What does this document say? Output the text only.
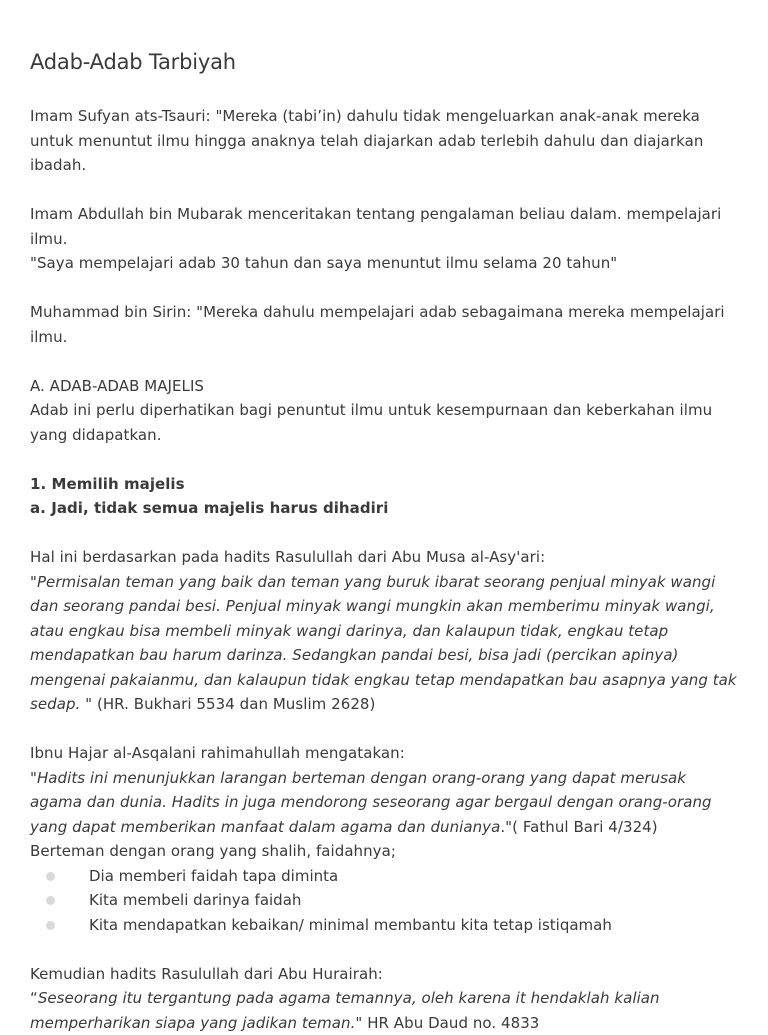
Adab-Adab Tarbiyah

Imam Sufyan ats-Tsauri: "Mereka (tabi’in) dahulu tidak mengeluarkan anak-anak mereka untuk menuntut ilmu hingga anaknya telah diajarkan adab terlebih dahulu dan diajarkan ibadah.

Imam Abdullah bin Mubarak menceritakan tentang pengalaman beliau dalam. mempelajari ilmu.
"Saya mempelajari adab 30 tahun dan saya menuntut ilmu selama 20 tahun"

Muhammad bin Sirin: "Mereka dahulu mempelajari adab sebagaimana mereka mempelajari ilmu.

A. ADAB-ADAB MAJELIS
Adab ini perlu diperhatikan bagi penuntut ilmu untuk kesempurnaan dan keberkahan ilmu yang didapatkan.

1. Memilih majelis
a. Jadi, tidak semua majelis harus dihadiri

Hal ini berdasarkan pada hadits Rasulullah dari Abu Musa al-Asy'ari:
"Permisalan teman yang baik dan teman yang buruk ibarat seorang penjual minyak wangi dan seorang pandai besi. Penjual minyak wangi mungkin akan memberimu minyak wangi, atau engkau bisa membeli minyak wangi darinya, dan kalaupun tidak, engkau tetap mendapatkan bau harum darinza. Sedangkan pandai besi, bisa jadi (percikan apinya) mengenai pakaianmu, dan kalaupun tidak engkau tetap mendapatkan bau asapnya yang tak sedap. " (HR. Bukhari 5534 dan Muslim 2628)

Ibnu Hajar al-Asqalani rahimahullah mengatakan:
"Hadits ini menunjukkan larangan berteman dengan orang-orang yang dapat merusak agama dan dunia. Hadits in juga mendorong seseorang agar bergaul dengan orang-orang yang dapat memberikan manfaat dalam agama dan dunianya."( Fathul Bari 4/324)
Berteman dengan orang yang shalih, faidahnya;

Dia memberi faidah tapa diminta
Kita membeli darinya faidah
Kita mendapatkan kebaikan/ minimal membantu kita tetap istiqamah

Kemudian hadits Rasulullah dari Abu Hurairah:
“Seseorang itu tergantung pada agama temannya, oleh karena it hendaklah kalian memperharikan siapa yang jadikan teman." HR Abu Daud no. 4833
